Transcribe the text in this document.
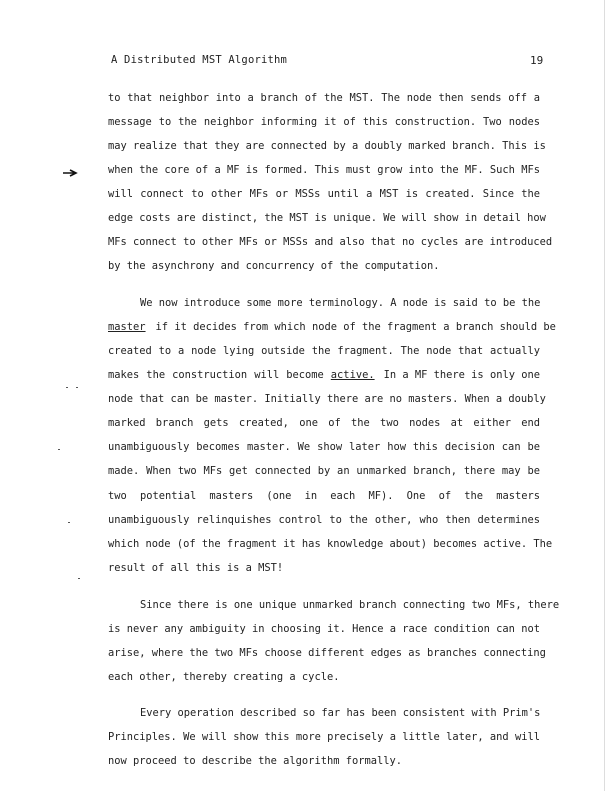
A Distributed MST Algorithm	19
to that neighbor into a branch of the MST. The node then sends off a
message to the neighbor informing it of this construction. Two nodes
may realize that they are connected by a doubly marked branch. This is
when the core of a MF is formed. This must grow into the MF. Such MFs
will connect to other MFs or MSSs until a MST is created. Since the
edge costs are distinct, the MST is unique. We will show in detail how
MFs connect to other MFs or MSSs and also that no cycles are introduced
by the asynchrony and concurrency of the computation.
We now introduce some more terminology. A node is said to be the
master if it decides from which node of the fragment a branch should be
created to a node lying outside the fragment. The node that actually
makes the construction will become active. In a MF there is only one
node that can be master. Initially there are no masters. When a doubly
marked branch gets created, one of the two nodes at either end
unambiguously becomes master. We show later how this decision can be
made. When two MFs get connected by an unmarked branch, there may be
two potential masters (one in each MF). One of the masters
unambiguously relinquishes control to the other, who then determines
which node (of the fragment it has knowledge about) becomes active. The
result of all this is a MST!
Since there is one unique unmarked branch connecting two MFs, there
is never any ambiguity in choosing it. Hence a race condition can not
arise, where the two MFs choose different edges as branches connecting
each other, thereby creating a cycle.
Every operation described so far has been consistent with Prim's
Principles. We will show this more precisely a little later, and will
now proceed to describe the algorithm formally.
